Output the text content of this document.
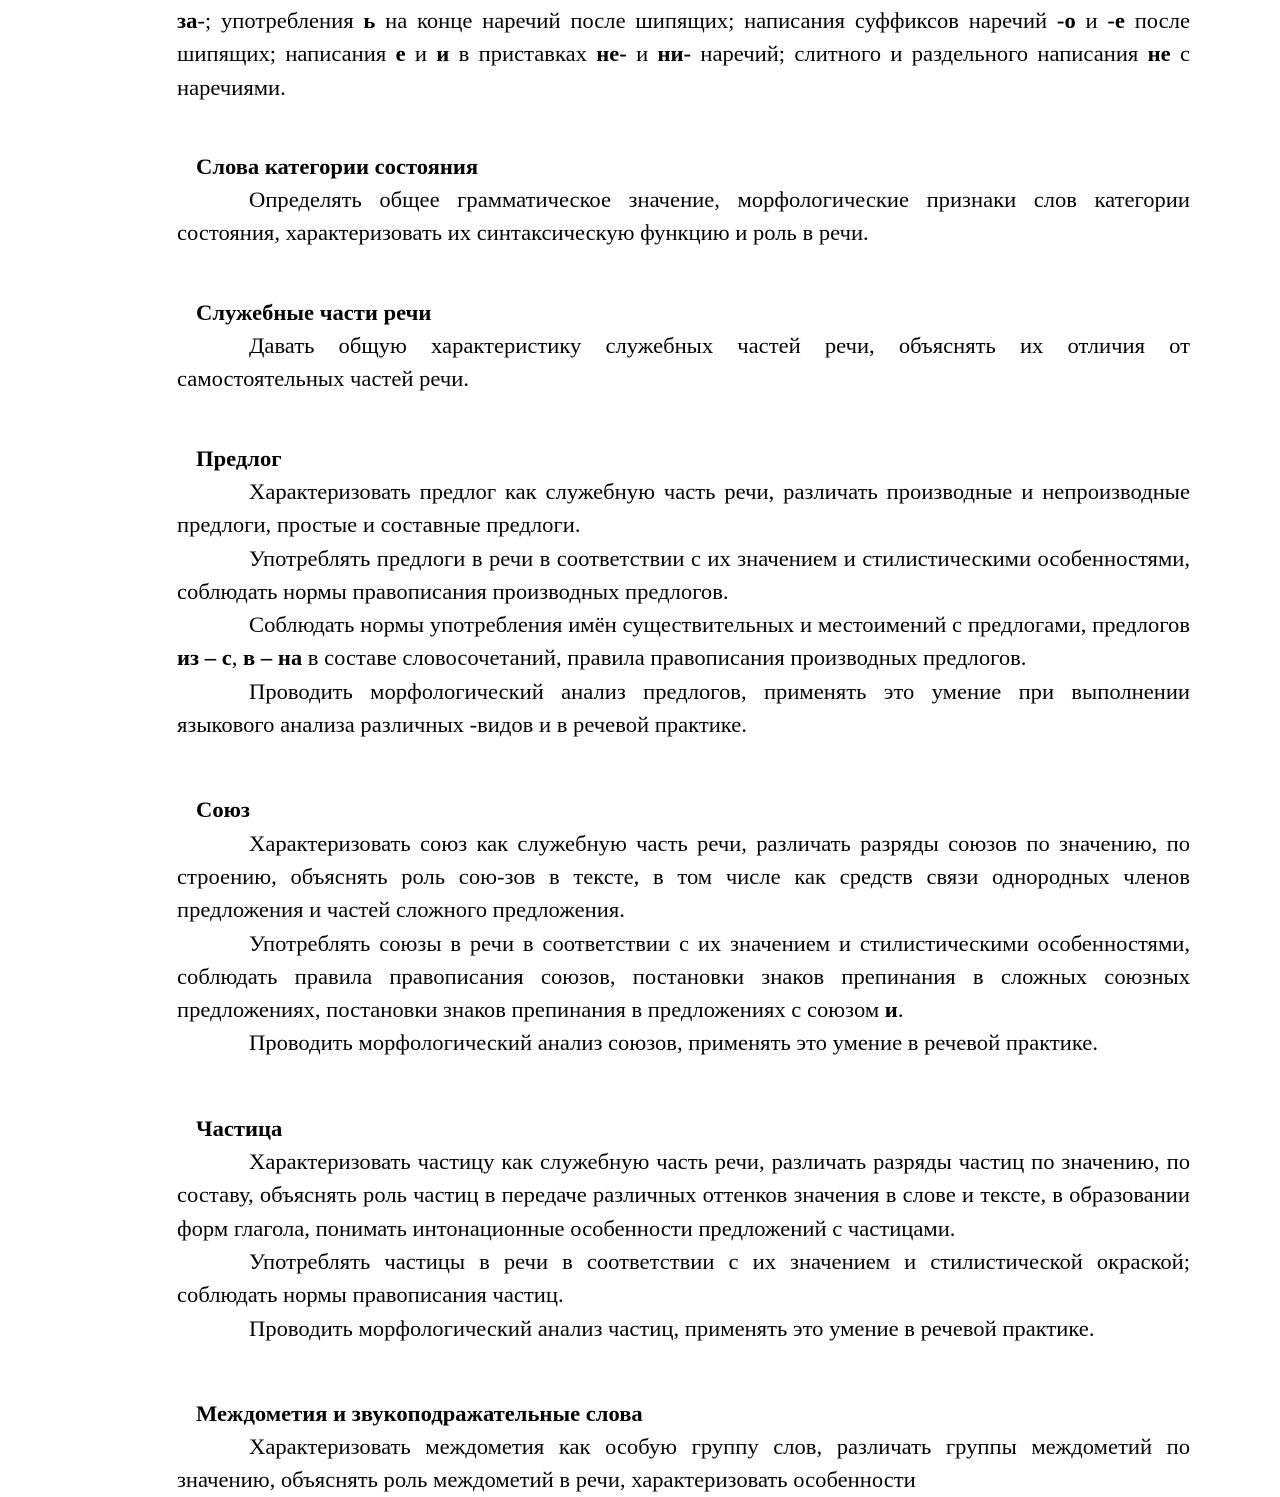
за-; употребления ь на конце наречий после шипящих; написания суффиксов наречий -о и -е после шипящих; написания е и и в приставках не- и ни- наречий; слитного и раздельного написания не с наречиями.

Слова категории состояния

Определять общее грамматическое значение, морфологические признаки слов категории состояния, характеризовать их синтаксическую функцию и роль в речи.

Служебные части речи

Давать общую характеристику служебных частей речи, объяснять их отличия от самостоятельных частей речи.

Предлог

Характеризовать предлог как служебную часть речи, различать производные и непроизводные предлоги, простые и составные предлоги.

Употреблять предлоги в речи в соответствии с их значением и стилистическими особенностями, соблюдать нормы правописания производных предлогов.

Соблюдать нормы употребления имён существительных и местоимений с предлогами, предлогов из – с, в – на в составе словосочетаний, правила правописания производных предлогов.

Проводить морфологический анализ предлогов, применять это умение при выполнении языкового анализа различных -видов и в речевой практике.

Союз

Характеризовать союз как служебную часть речи, различать разряды союзов по значению, по строению, объяснять роль сою-зов в тексте, в том числе как средств связи однородных членов предложения и частей сложного предложения.

Употреблять союзы в речи в соответствии с их значением и стилистическими особенностями, соблюдать правила правописания союзов, постановки знаков препинания в сложных союзных предложениях, постановки знаков препинания в предложениях с союзом и.

Проводить морфологический анализ союзов, применять это умение в речевой практике.

Частица

Характеризовать частицу как служебную часть речи, различать разряды частиц по значению, по составу, объяснять роль частиц в передаче различных оттенков значения в слове и тексте, в образовании форм глагола, понимать интонационные особенности предложений с частицами.

Употреблять частицы в речи в соответствии с их значением и стилистической окраской; соблюдать нормы правописания частиц.

Проводить морфологический анализ частиц, применять это умение в речевой практике.

Междометия и звукоподражательные слова

Характеризовать междометия как особую группу слов, различать группы междометий по значению, объяснять роль междометий в речи, характеризовать особенности
